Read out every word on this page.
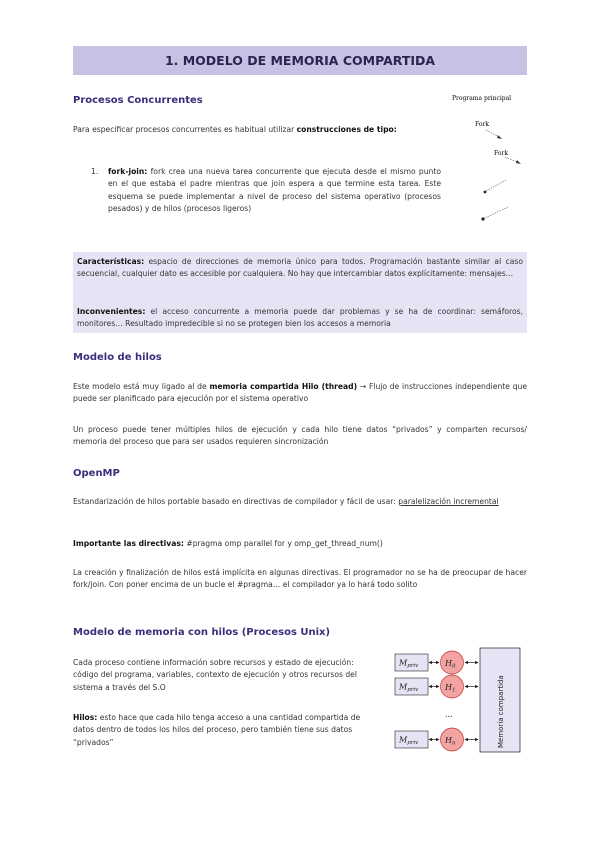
1. MODELO DE MEMORIA COMPARTIDA
Procesos Concurrentes
Para especificar procesos concurrentes es habitual utilizar construcciones de tipo:
1.	fork-join: fork crea una nueva tarea concurrente que ejecuta desde el mismo punto en el que estaba el padre mientras que join espera a que termine esta tarea. Este esquema se puede implementar a nivel de proceso del sistema operativo (procesos pesados) y de hilos (procesos ligeros)
Programa principal
Fork
Fork
Características: espacio de direcciones de memoria único para todos. Programación bastante similar al caso secuencial, cualquier dato es accesible por cualquiera. No hay que intercambiar datos explícitamente: mensajes…
Inconvenientes: el acceso concurrente a memoria puede dar problemas y se ha de coordinar: semáforos, monitores… Resultado impredecible si no se protegen bien los accesos a memoria
Modelo de hilos
Este modelo está muy ligado al de memoria compartida Hilo (thread) → Flujo de instrucciones independiente que puede ser planificado para ejecución por el sistema operativo
Un proceso puede tener múltiples hilos de ejecución y cada hilo tiene datos “privados” y comparten recursos/ memoria del proceso que para ser usados requieren sincronización
OpenMP
Estandarización de hilos portable basado en directivas de compilador y fácil de usar: paralelización incremental
Importante las directivas: #pragma omp parallel for y omp_get_thread_num()
La creación y finalización de hilos está implícita en algunas directivas. El programador no se ha de preocupar de hacer fork/join. Con poner encima de un bucle el #pragma… el compilador ya lo hará todo solito
Modelo de memoria con hilos (Procesos Unix)
Cada proceso contiene información sobre recursos y estado de ejecución: código del programa, variables, contexto de ejecución y otros recursos del sistema a través del S.O
Hilos: esto hace que cada hilo tenga acceso a una cantidad compartida de datos dentro de todos los hilos del proceso, pero también tiene sus datos “privados”
Mpriv	H0
Mpriv	H1
...
Mpriv	Hn	Memoria compartida
